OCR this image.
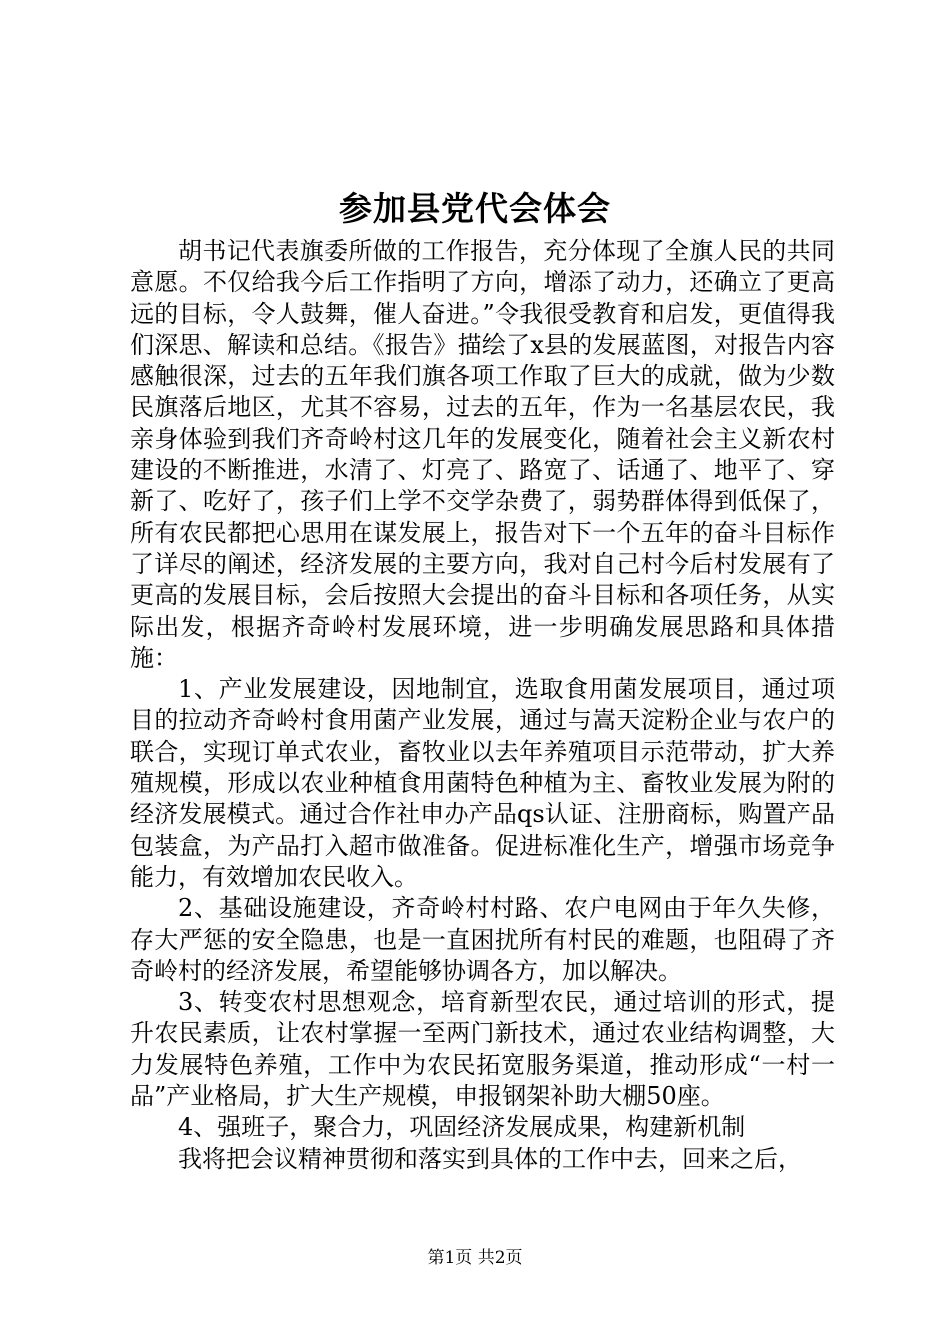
参加县党代会体会

胡书记代表旗委所做的工作报告，充分体现了全旗人民的共同意愿。不仅给我今后工作指明了方向，增添了动力，还确立了更高远的目标，令人鼓舞，催人奋进。”令我很受教育和启发，更值得我们深思、解读和总结。《报告》描绘了x县的发展蓝图，对报告内容感触很深，过去的五年我们旗各项工作取了巨大的成就，做为少数民旗落后地区，尤其不容易，过去的五年，作为一名基层农民，我亲身体验到我们齐奇岭村这几年的发展变化，随着社会主义新农村建设的不断推进，水清了、灯亮了、路宽了、话通了、地平了、穿新了、吃好了，孩子们上学不交学杂费了，弱势群体得到低保了，所有农民都把心思用在谋发展上，报告对下一个五年的奋斗目标作了详尽的阐述，经济发展的主要方向，我对自己村今后村发展有了更高的发展目标，会后按照大会提出的奋斗目标和各项任务，从实际出发，根据齐奇岭村发展环境，进一步明确发展思路和具体措施：

1、产业发展建设，因地制宜，选取食用菌发展项目，通过项目的拉动齐奇岭村食用菌产业发展，通过与嵩天淀粉企业与农户的联合，实现订单式农业，畜牧业以去年养殖项目示范带动，扩大养殖规模，形成以农业种植食用菌特色种植为主、畜牧业发展为附的经济发展模式。通过合作社申办产品qs认证、注册商标，购置产品包装盒，为产品打入超市做准备。促进标准化生产，增强市场竞争能力，有效增加农民收入。

2、基础设施建设，齐奇岭村村路、农户电网由于年久失修，存大严惩的安全隐患，也是一直困扰所有村民的难题，也阻碍了齐奇岭村的经济发展，希望能够协调各方，加以解决。

3、转变农村思想观念，培育新型农民，通过培训的形式，提升农民素质，让农村掌握一至两门新技术，通过农业结构调整，大力发展特色养殖，工作中为农民拓宽服务渠道，推动形成“一村一品”产业格局，扩大生产规模，申报钢架补助大棚50座。

4、强班子，聚合力，巩固经济发展成果，构建新机制

我将把会议精神贯彻和落实到具体的工作中去，回来之后，

第1页 共2页
